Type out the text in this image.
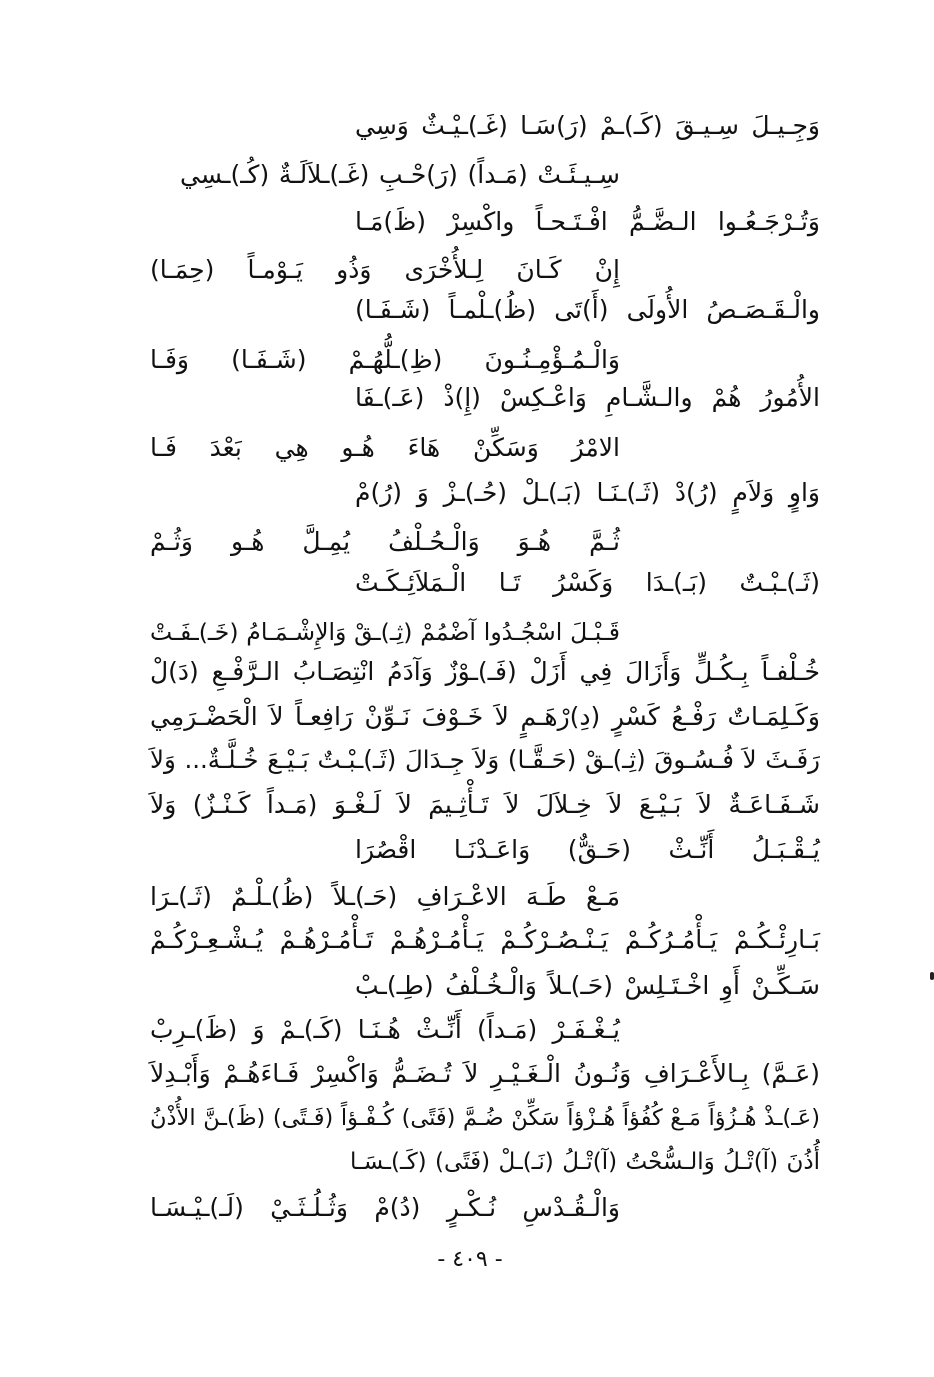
وَجِـيـلَ سِـيـقَ (كَـ)ـمْ (رَ)سَـا (غَـ)ـيْـثٌ وَسِي
سِـيـئَـتْ (مَـداً) (رَ)حْـبِ (غَـ)ـلاَلَـةٌ (كُـ)ـسِي
وَتُـرْجَـعُـوا الـضَّـمُّ افْـتَـحـاً واكْسِرْ (ظَ)مَـا
إِنْ كَـانَ لِـلأُخْرَى وَذُو يَـوْمـاً (حِمَـا)
والْـقَـصَـصُ الأُولَى (أَ)تَى (ظُ)ـلْمـاً (شَـفَـا)
وَالْـمُـؤْمِـنُـونَ (ظِ)ـلُّهُـمْ (شَـفَـا) وَفَـا
الأُمُورُ هُمْ والـشَّـامِ وَاعْـكِسْ (إِ)ذْ (عَـ)ـفَا
الامْرُ وَسَكِّنْ هَاءَ هُـو هِي بَعْدَ فَـا
وَاوٍ وَلاَمٍ (رُ)دْ (ثَـ)ـنَـا (بَـ)ـلْ (حُـ)ـزْ وَ (رُ)مْ
ثُـمَّ هُـوَ وَالْـحُـلْفُ يُمِـلَّ هُـو وَثُـمْ
(ثَـ)ـبْـتٌ (بَـ)ـدَا وَكَسْرُ تَـا الْـمَلاَئِـكَـتْ
قَـبْـلَ اسْجُـدُوا آضْمُمْ (ثِـ)ـقْ وَالإِشْـمَـامُ (خَـ)ـفَـتْ
خُـلْفـاً بِـكُـلٍّ وَأَزَالَ فِي أَزَلْ (فَـ)ـوْزٌ وَآدَمُ انْتِصَـابُ الـرَّفْـعِ (دَ)لْ
وَكَـلِمَـاتٌ رَفْـعُ كَسْرٍ (دِ)رْهَـمٍ لاَ خَـوْفَ نَـوِّنْ رَافِعـاً لاَ الْحَضْـرَمِي
رَفَـثَ لاَ فُـسُـوقَ (ثِـ)ـقْ (حَـقَّـا) وَلاَ جِـدَالَ (ثَـ)ـبْـتٌ بَـيْـعَ خُـلَّـةٌ... وَلاَ
شَـفَـاعَـةٌ لاَ بَـيْـعَ لاَ خِـلاَلَ لاَ تَـأْثِـيمَ لاَ لَـغْـوَ (مَـداً كَـنْـزٌ) وَلاَ
يُـقْـبَـلُ أَنِّـثْ (حَـقٌّ) وَاعَـدْنَـا اقْصُرَا
مَـعْ طَـهَ الاعْـرَافِ (حَـ)ـلاً (ظُ)ـلْـمٌ (ثَـ)ـرَا
بَـارِئْـكُـمْ يَـأْمُـرُكُـمْ يَـنْـصُـرْكُـمْ يَـأْمُـرْهُـمْ تَـأْمُـرْهُـمْ يُـشْـعِـرْكُـمْ
سَـكِّـنْ أَوِ اخْـتَـلِسْ (حَـ)ـلاً وَالْـخُـلْفُ (طِـ)ـبْ
يُـغْـفَـرْ (مَـداً) أَنِّـثْ هُـنَـا (كَـ)ـمْ وَ (ظَ)ـرِبْ
(عَـمَّ) بِـالأَعْـرَافِ وَنُـونُ الْـغَـيْـرِ لاَ تُـضَـمُّ وَاكْسِرْ فَـاءَهُـمْ وَأَبْـدِلاَ
(عَـ)ـذْ هُـزُؤاً مَـعْ كُفُؤاً هُـزْؤاً سَكِّنْ ضُـمَّ (فَتًى) كُـفْـؤاً (فَـتًى) (ظَ)ـنَّ الأُذْنُ
أُذُنَ (آ)تْـلُ وَالـسُّحْتُ (آ)تْـلُ (نَـ)ـلْ (فَتًى) (كَـ)ـسَـا
وَالْـقُـدْسِ نُـكْـرٍ (دُ)مْ وَثُـلُـثَـيْ (لَـ)ـيْـسَـا
- ٤٠٩ -
